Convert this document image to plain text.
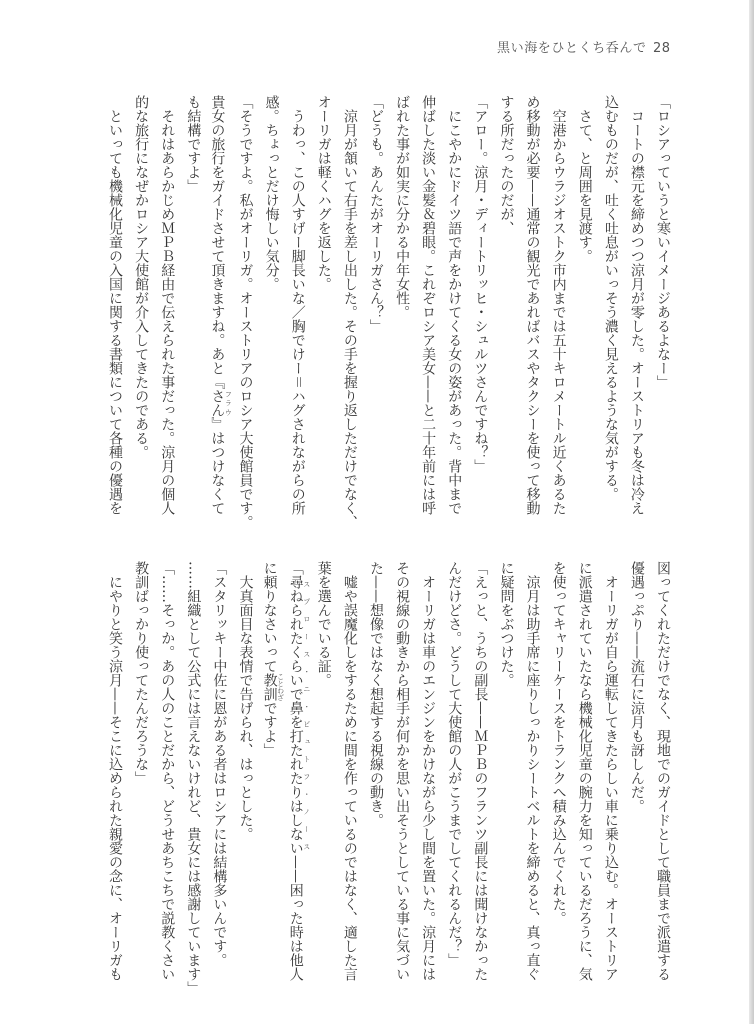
黒い海をひとくち呑んで 28
「ロシアっていうと寒いイメージあるよなー」
　コートの襟元を締めつつ涼月が零した。オーストリアも冬は冷え
込むものだが、吐く吐息がいっそう濃く見えるような気がする。
　さて、と周囲を見渡す。
　空港からウラジオストク市内までは五十キロメートル近くあるた
め移動が必要——通常の観光であればバスやタクシーを使って移動
する所だったのだが、
「アロー。涼月・ディートリッヒ・シュルツさんですね？」
　にこやかにドイツ語で声をかけてくる女の姿があった。背中まで
伸ばした淡い金髪＆碧眼。これぞロシア美女——と二十年前には呼
ばれた事が如実に分かる中年女性。
「どうも。あんたがオーリガさん？」
　涼月が頷いて右手を差し出した。その手を握り返しただけでなく、
オーリガは軽くハグを返した。
　うわっ、この人すげー脚長いな／胸でけー＝ハグされながらの所
感。ちょっとだけ悔しい気分。
「そうですよ。私がオーリガ。オーストリアのロシア大使館員です。
貴女の旅行をガイドさせて頂きますね。あと『さん フラウ』はつけなくて
も結構ですよ」
　それはあらかじめＭＰＢ経由で伝えられた事だった。涼月の個人
的な旅行になぜかロシア大使館が介入してきたのである。
　といっても機械化児童の入国に関する書類について各種の優遇を
図ってくれただけでなく、現地でのガイドとして職員まで派遣する
優遇っぷり——流石に涼月も訝しんだ。
　オーリガが自ら運転してきたらしい車に乗り込む。オーストリア
に派遣されていたなら機械化児童の腕力を知っているだろうに、気
を使ってキャリーケースをトランクへ積み込んでくれた。
　涼月は助手席に座りしっかりシートベルトを締めると、真っ直ぐ
に疑問をぶつけた。
「えっと、うちの副長——ＭＰＢのフランツ副長には聞けなかった
んだけどさ。どうして大使館の人がこうまでしてくれるんだ？」
　オーリガは車のエンジンをかけながら少し間を置いた。涼月には
その視線の動きから相手が何かを思い出そうとしている事に気づい
た——想像ではなく想起する視線の動き。
　嘘や誤魔化しをするために間を作っているのではなく、適した言
葉を選んでいる証。
「尋ねられたくらいで鼻を打たれたりはしない スプロース・ニ・ビュトフ・ノース——困った時は他人
に頼りなさいって教訓 ことわざですよ」
　大真面目な表情で告げられ、はっとした。
「スタリッキー中佐に恩がある者はロシアには結構多いんです。
……組織として公式には言えないけれど、貴女には感謝しています」
「……そっか。あの人のことだから、どうせあちこちで説教くさい
教訓ばっかり使ってたんだろうな」
　にやりと笑う涼月——そこに込められた親愛の念に、オーリガも
